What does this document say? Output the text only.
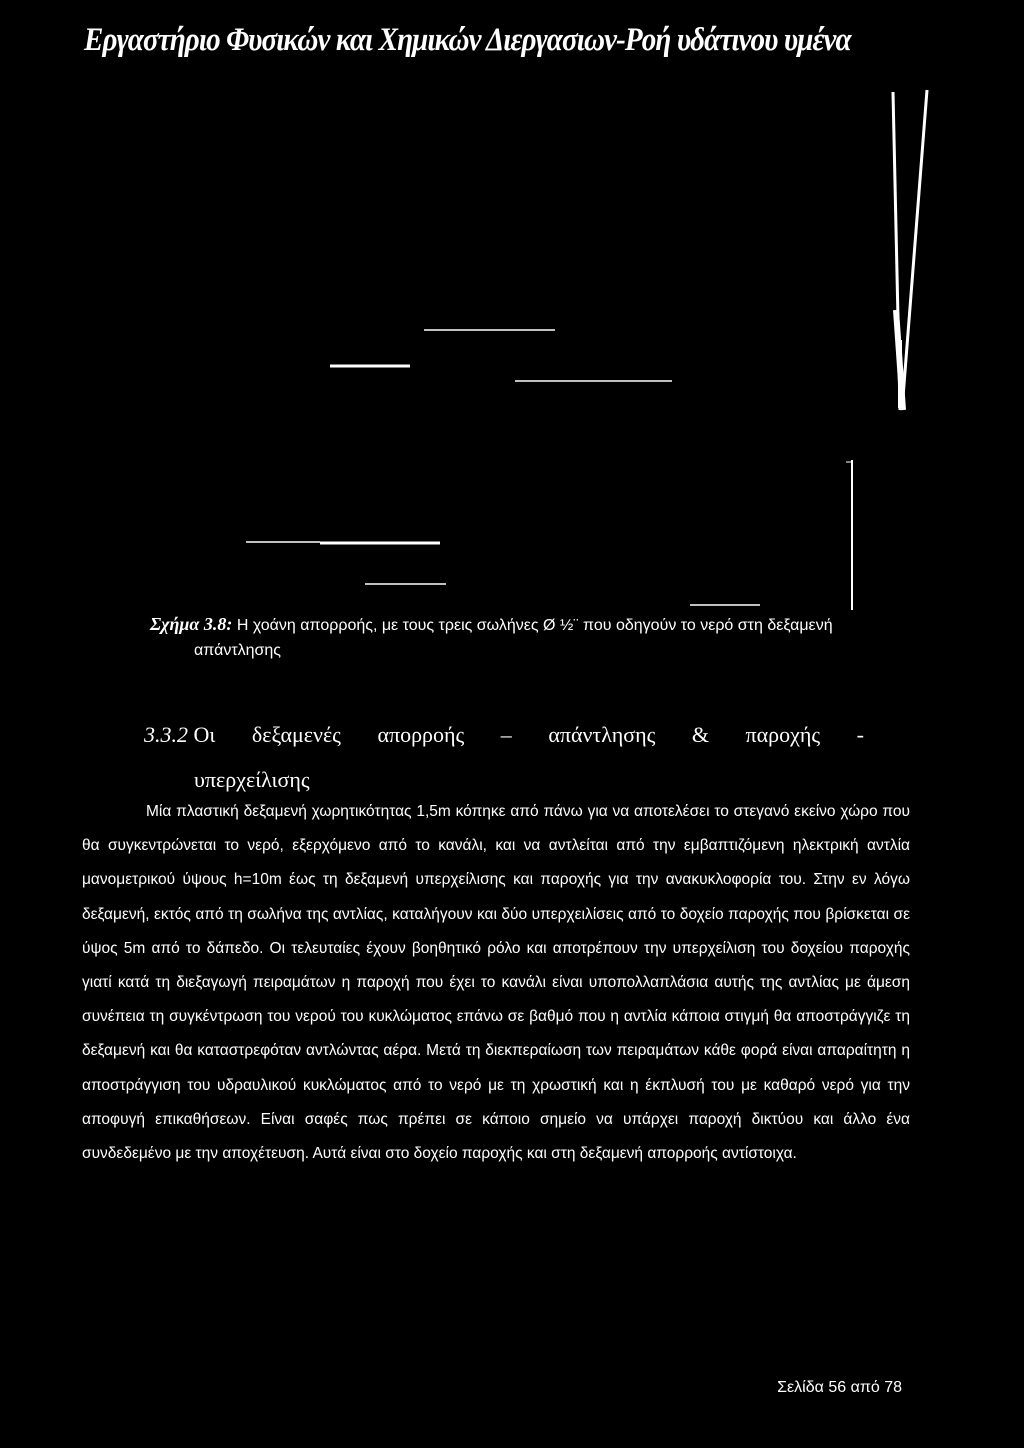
Εργαστήριο Φυσικών και Χημικών Διεργασιων-Ροή υδάτινου υμένα
Σχήμα 3.8: Η χοάνη απορροής, με τους τρεις σωλήνες Ø ½¨ που οδηγούν το νερό στη δεξαμενή
απάντλησης
3.3.2 Οι δεξαμενές απορροής – απάντλησης & παροχής -
υπερχείλισης
Μία πλαστική δεξαμενή χωρητικότητας 1,5m κόπηκε από πάνω για να αποτελέσει το στεγανό εκείνο χώρο που θα συγκεντρώνεται το νερό, εξερχόμενο από το κανάλι, και να αντλείται από την εμβαπτιζόμενη ηλεκτρική αντλία μανομετρικού ύψους h=10m έως τη δεξαμενή υπερχείλισης και παροχής για την ανακυκλοφορία του. Στην εν λόγω δεξαμενή, εκτός από τη σωλήνα της αντλίας, καταλήγουν και δύο υπερχειλίσεις από το δοχείο παροχής που βρίσκεται σε ύψος 5m από το δάπεδο. Οι τελευταίες έχουν βοηθητικό ρόλο και αποτρέπουν την υπερχείλιση του δοχείου παροχής γιατί κατά τη διεξαγωγή πειραμάτων η παροχή που έχει το κανάλι είναι υποπολλαπλάσια αυτής της αντλίας με άμεση συνέπεια τη συγκέντρωση του νερού του κυκλώματος επάνω σε βαθμό που η αντλία κάποια στιγμή θα αποστράγγιζε τη δεξαμενή και θα καταστρεφόταν αντλώντας αέρα. Μετά τη διεκπεραίωση των πειραμάτων κάθε φορά είναι απαραίτητη η αποστράγγιση του υδραυλικού κυκλώματος από το νερό με τη χρωστική και η έκπλυσή του με καθαρό νερό για την αποφυγή επικαθήσεων. Είναι σαφές πως πρέπει σε κάποιο σημείο να υπάρχει παροχή δικτύου και άλλο ένα συνδεδεμένο με την αποχέτευση. Αυτά είναι στο δοχείο παροχής και στη δεξαμενή απορροής αντίστοιχα.
Σελίδα 56 από 78
